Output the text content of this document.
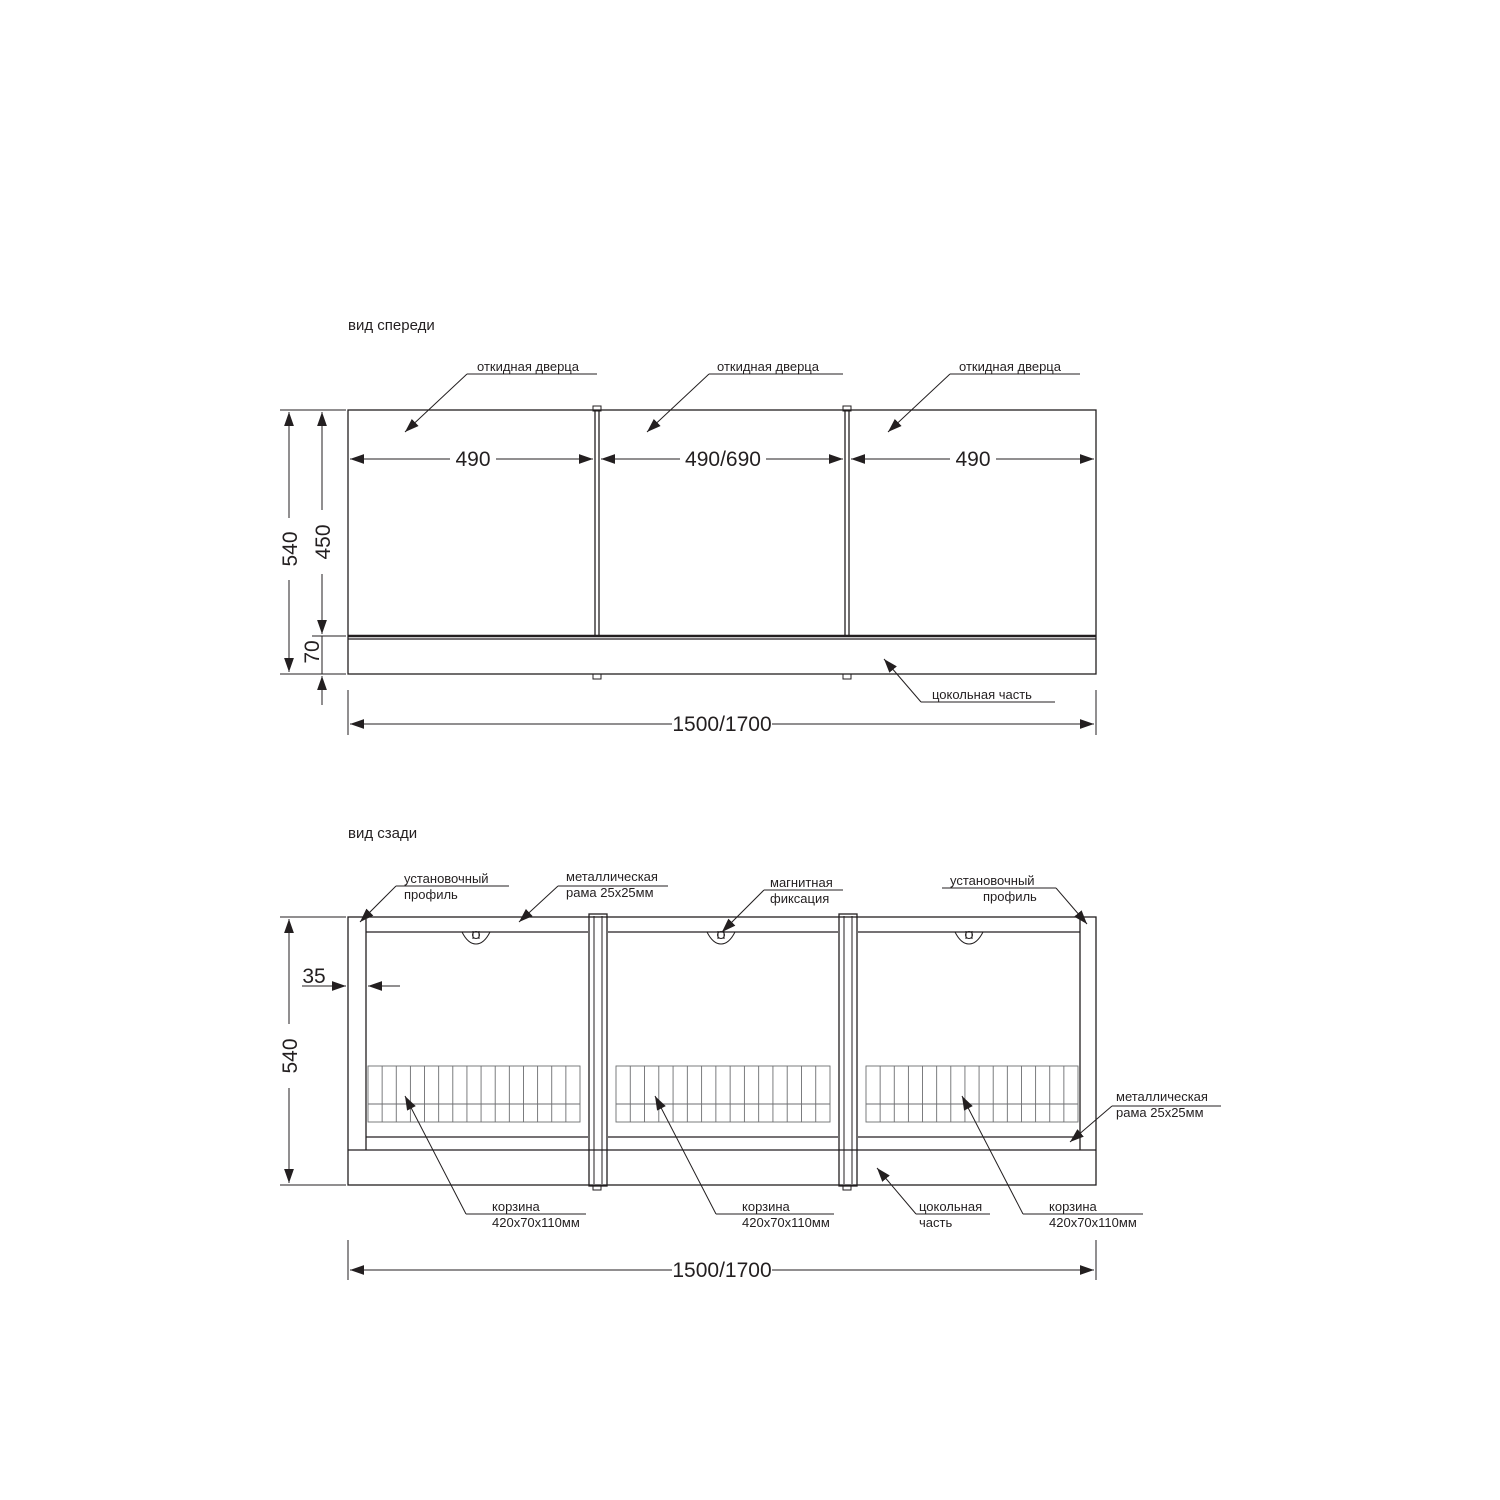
вид спереди
490	490/690	490
540 450
70
1500/1700
откидная дверца	откидная дверца	откидная дверца
цокольная часть
вид сзади
540
35
1500/1700
установочный
профиль
металлическая
рама 25х25мм
магнитная
фиксация
установочный
профиль
металлическая
рама 25х25мм
корзина
420х70х110мм
корзина
420х70х110мм
цокольная
часть
корзина
420х70х110мм
